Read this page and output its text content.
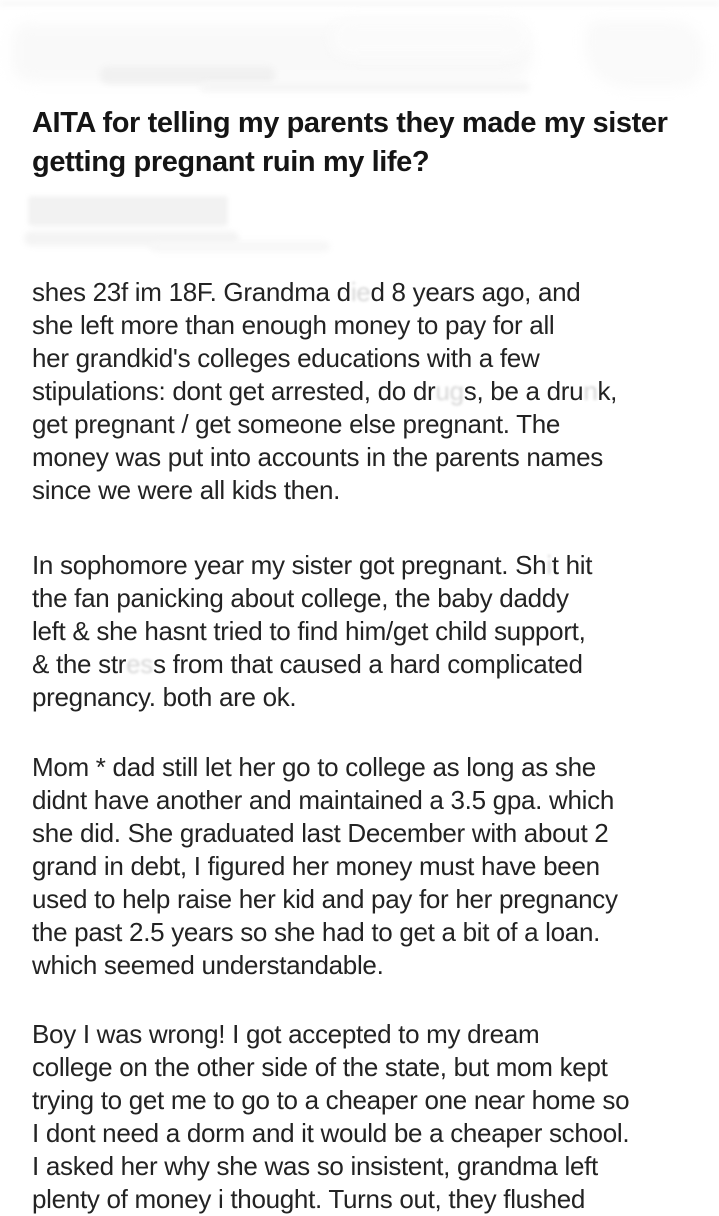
AITA for telling my parents they made my sister getting pregnant ruin my life?
shes 23f im 18F. Grandma died 8 years ago, and
she left more than enough money to pay for all
her grandkid's colleges educations with a few
stipulations: dont get arrested, do drugs, be a drunk,
get pregnant / get someone else pregnant. The
money was put into accounts in the parents names
since we were all kids then.
In sophomore year my sister got pregnant. Shit hit
the fan panicking about college, the baby daddy
left & she hasnt tried to find him/get child support,
& the stress from that caused a hard complicated
pregnancy. both are ok.
Mom * dad still let her go to college as long as she
didnt have another and maintained a 3.5 gpa. which
she did. She graduated last December with about 2
grand in debt, I figured her money must have been
used to help raise her kid and pay for her pregnancy
the past 2.5 years so she had to get a bit of a loan.
which seemed understandable.
Boy I was wrong! I got accepted to my dream
college on the other side of the state, but mom kept
trying to get me to go to a cheaper one near home so
I dont need a dorm and it would be a cheaper school.
I asked her why she was so insistent, grandma left
plenty of money i thought. Turns out, they flushed
